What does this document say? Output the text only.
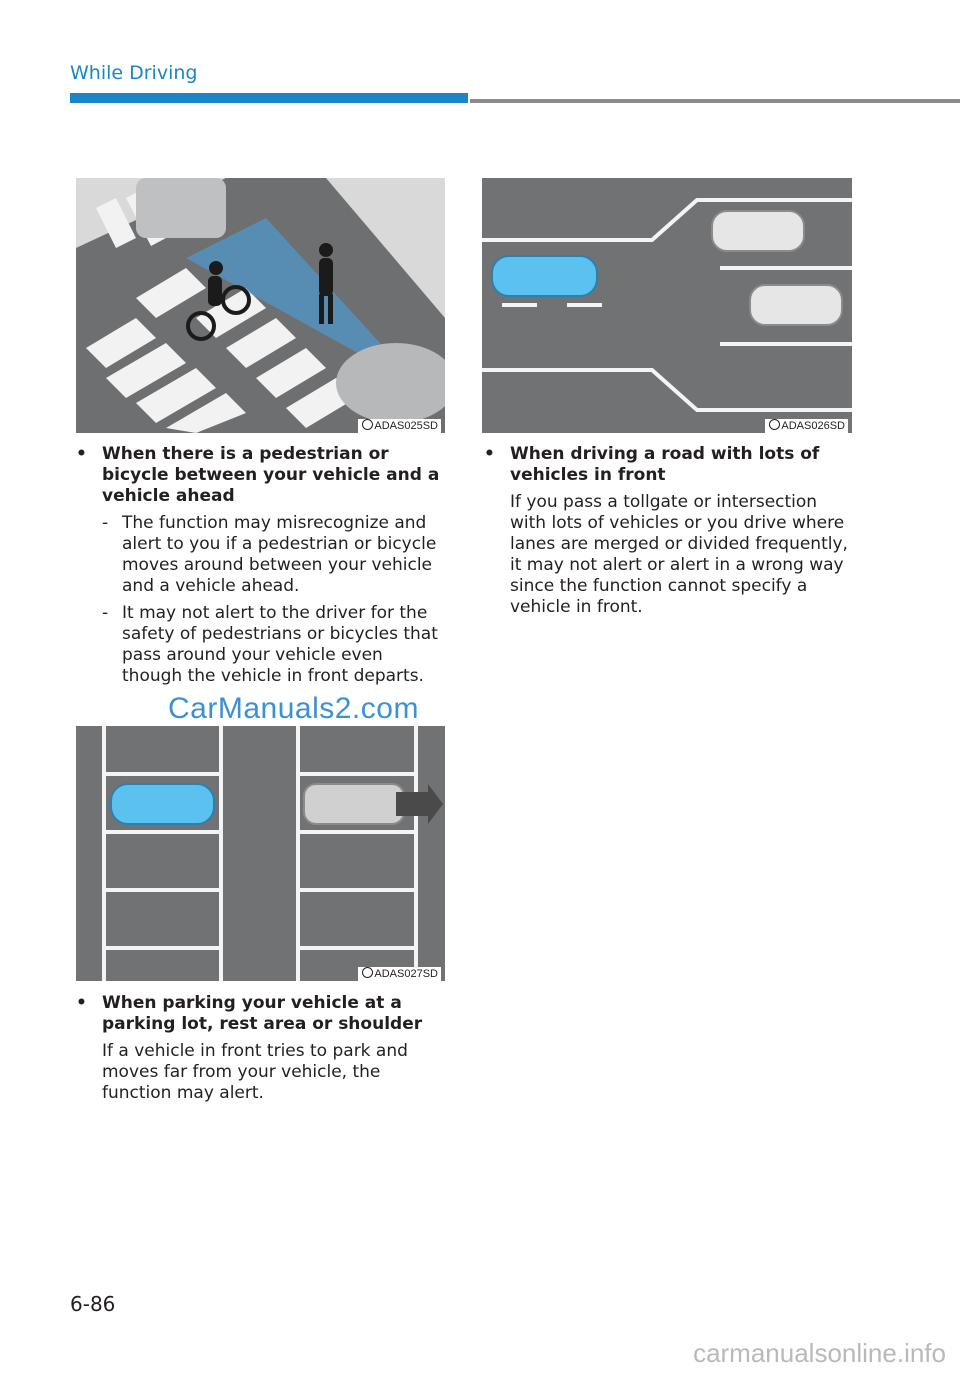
While Driving
ADAS025SD	ADAS026SD
• When there is a pedestrian or bicycle between your vehicle and a vehicle ahead

- The function may misrecognize and alert to you if a pedestrian or bicycle moves around between your vehicle and a vehicle ahead.
- It may not alert to the driver for the safety of pedestrians or bicycles that pass around your vehicle even though the vehicle in front departs.
CarManuals2.com
ADAS027SD
• When parking your vehicle at a parking lot, rest area or shoulder

If a vehicle in front tries to park and moves far from your vehicle, the function may alert.

• When driving a road with lots of vehicles in front

If you pass a tollgate or intersection with lots of vehicles or you drive where lanes are merged or divided frequently, it may not alert or alert in a wrong way since the function cannot specify a vehicle in front.

6-86
carmanualsonline.info
